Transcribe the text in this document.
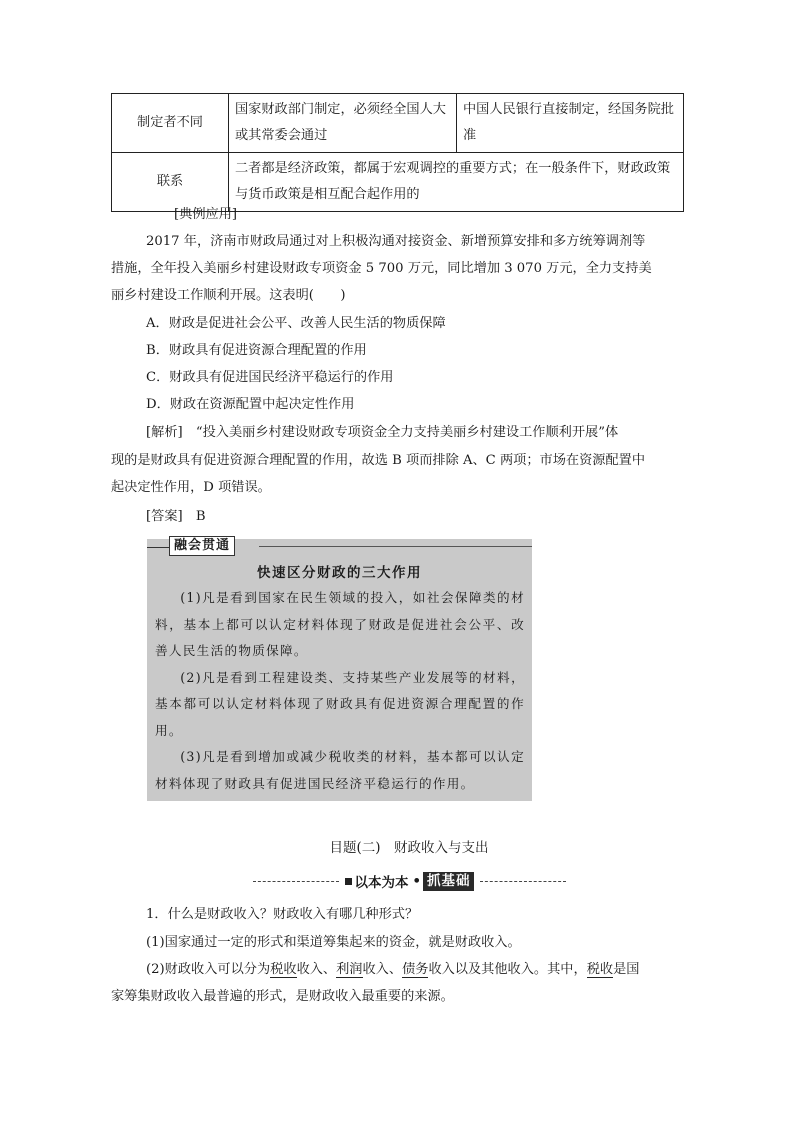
制定者不同	国家财政部门制定，必须经全国人大或其常委会通过	中国人民银行直接制定，经国务院批准
联系	二者都是经济政策，都属于宏观调控的重要方式；在一般条件下，财政政策与货币政策是相互配合起作用的	
[典例应用]
2017 年，济南市财政局通过对上积极沟通对接资金、新增预算安排和多方统筹调剂等
措施，全年投入美丽乡村建设财政专项资金 5 700 万元，同比增加 3 070 万元，全力支持美
丽乡村建设工作顺利开展。这表明(　　)
A．财政是促进社会公平、改善人民生活的物质保障
B．财政具有促进资源合理配置的作用
C．财政具有促进国民经济平稳运行的作用
D．财政在资源配置中起决定性作用
[解析]　“投入美丽乡村建设财政专项资金全力支持美丽乡村建设工作顺利开展”体
现的是财政具有促进资源合理配置的作用，故选 B 项而排除 A、C 两项；市场在资源配置中
起决定性作用，D 项错误。
[答案]　B
融会贯通
快速区分财政的三大作用

(1)凡是看到国家在民生领域的投入，如社会保障类的材料，基本上都可以认定材料体现了财政是促进社会公平、改善人民生活的物质保障。

(2)凡是看到工程建设类、支持某些产业发展等的材料，基本都可以认定材料体现了财政具有促进资源合理配置的作用。

(3)凡是看到增加或减少税收类的材料，基本都可以认定材料体现了财政具有促进国民经济平稳运行的作用。

目题(二)　财政收入与支出
以本为本 • 抓基础
1．什么是财政收入？财政收入有哪几种形式？
(1)国家通过一定的形式和渠道筹集起来的资金，就是财政收入。
(2)财政收入可以分为税收收入、利润收入、债务收入以及其他收入。其中，税收是国
家筹集财政收入最普遍的形式，是财政收入最重要的来源。
